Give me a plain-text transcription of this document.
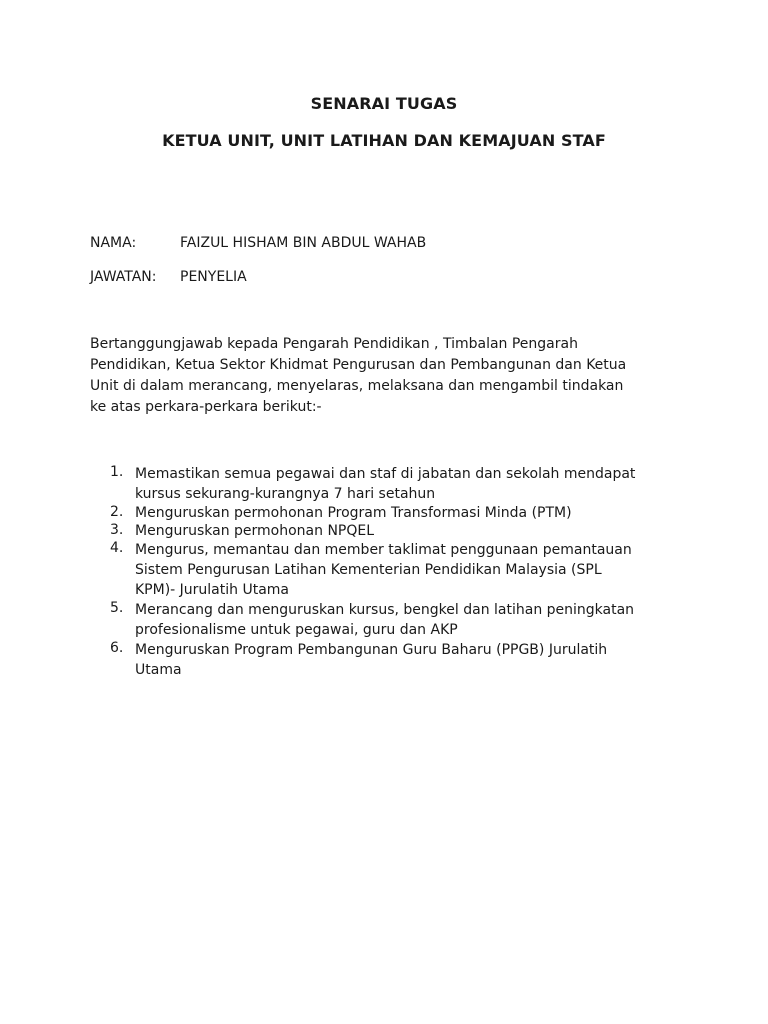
SENARAI TUGAS
KETUA UNIT, UNIT LATIHAN DAN KEMAJUAN STAF
NAMA:	FAIZUL HISHAM BIN ABDUL WAHAB
JAWATAN: PENYELIA
Bertanggungjawab kepada Pengarah Pendidikan , Timbalan Pengarah
Pendidikan, Ketua Sektor Khidmat Pengurusan dan Pembangunan dan Ketua
Unit di dalam merancang, menyelaras, melaksana dan mengambil tindakan
ke atas perkara-perkara berikut:-
1. Memastikan semua pegawai dan staf di jabatan dan sekolah mendapat
kursus sekurang-kurangnya 7 hari setahun
2. Menguruskan permohonan Program Transformasi Minda (PTM)
3. Menguruskan permohonan NPQEL
4. Mengurus, memantau dan member taklimat penggunaan pemantauan
Sistem Pengurusan Latihan Kementerian Pendidikan Malaysia (SPL
KPM)- Jurulatih Utama
5. Merancang dan menguruskan kursus, bengkel dan latihan peningkatan
profesionalisme untuk pegawai, guru dan AKP
6. Menguruskan Program Pembangunan Guru Baharu (PPGB) Jurulatih
Utama
